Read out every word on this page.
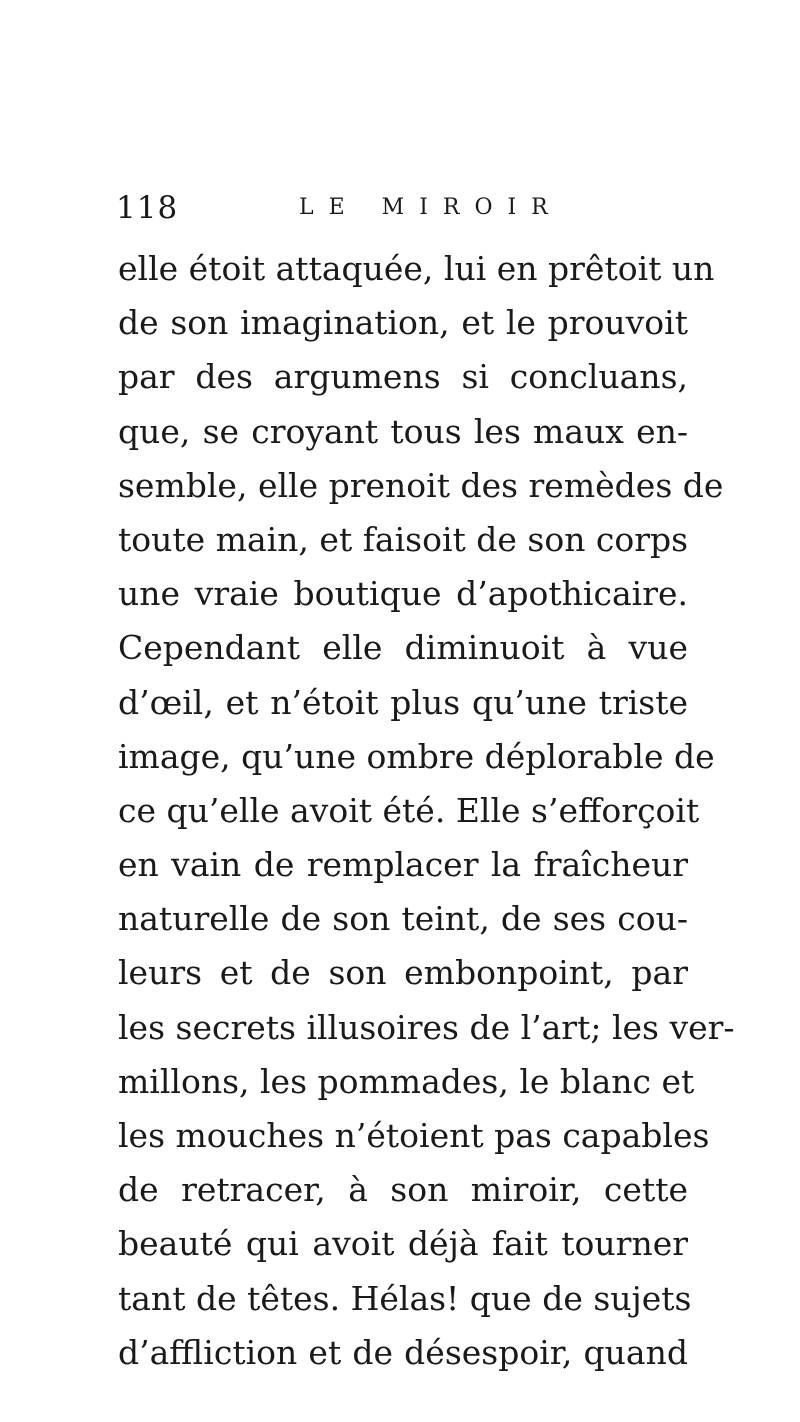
118	LE MIROIR
elle étoit attaquée, lui en prêtoit un
de son imagination, et le prouvoit
par des argumens si concluans,
que, se croyant tous les maux en-
semble, elle prenoit des remèdes de
toute main, et faisoit de son corps
une vraie boutique d’apothicaire.
Cependant elle diminuoit à vue
d’œil, et n’étoit plus qu’une triste
image, qu’une ombre déplorable de
ce qu’elle avoit été. Elle s’efforçoit
en vain de remplacer la fraîcheur
naturelle de son teint, de ses cou-
leurs et de son embonpoint, par
les secrets illusoires de l’art; les ver-
millons, les pommades, le blanc et
les mouches n’étoient pas capables
de retracer, à son miroir, cette
beauté qui avoit déjà fait tourner
tant de têtes. Hélas! que de sujets
d’affliction et de désespoir, quand
